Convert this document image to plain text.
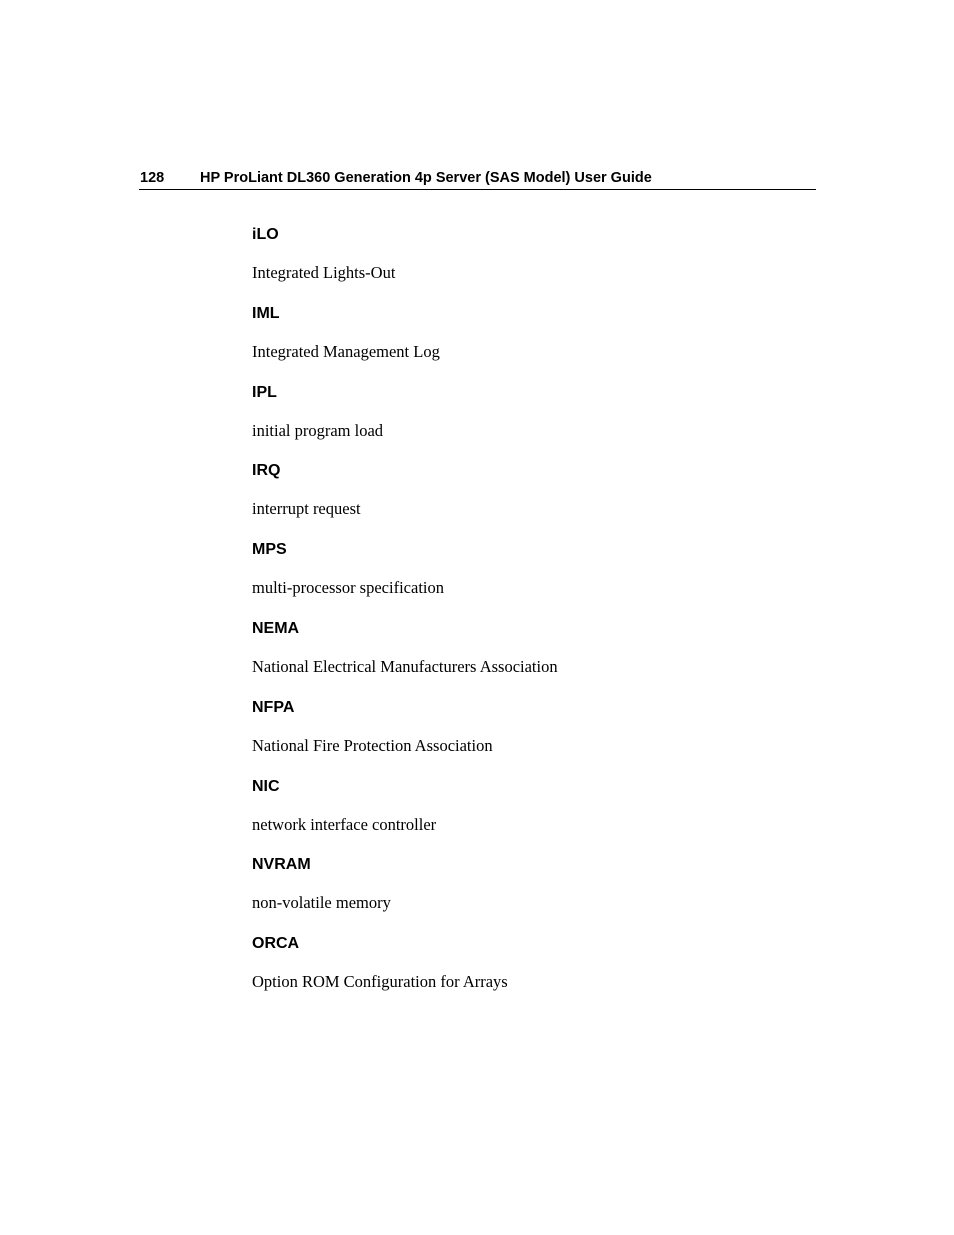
128 HP ProLiant DL360 Generation 4p Server (SAS Model) User Guide
iLO
Integrated Lights-Out
IML
Integrated Management Log
IPL
initial program load
IRQ
interrupt request
MPS
multi-processor specification
NEMA
National Electrical Manufacturers Association
NFPA
National Fire Protection Association
NIC
network interface controller
NVRAM
non-volatile memory
ORCA
Option ROM Configuration for Arrays
